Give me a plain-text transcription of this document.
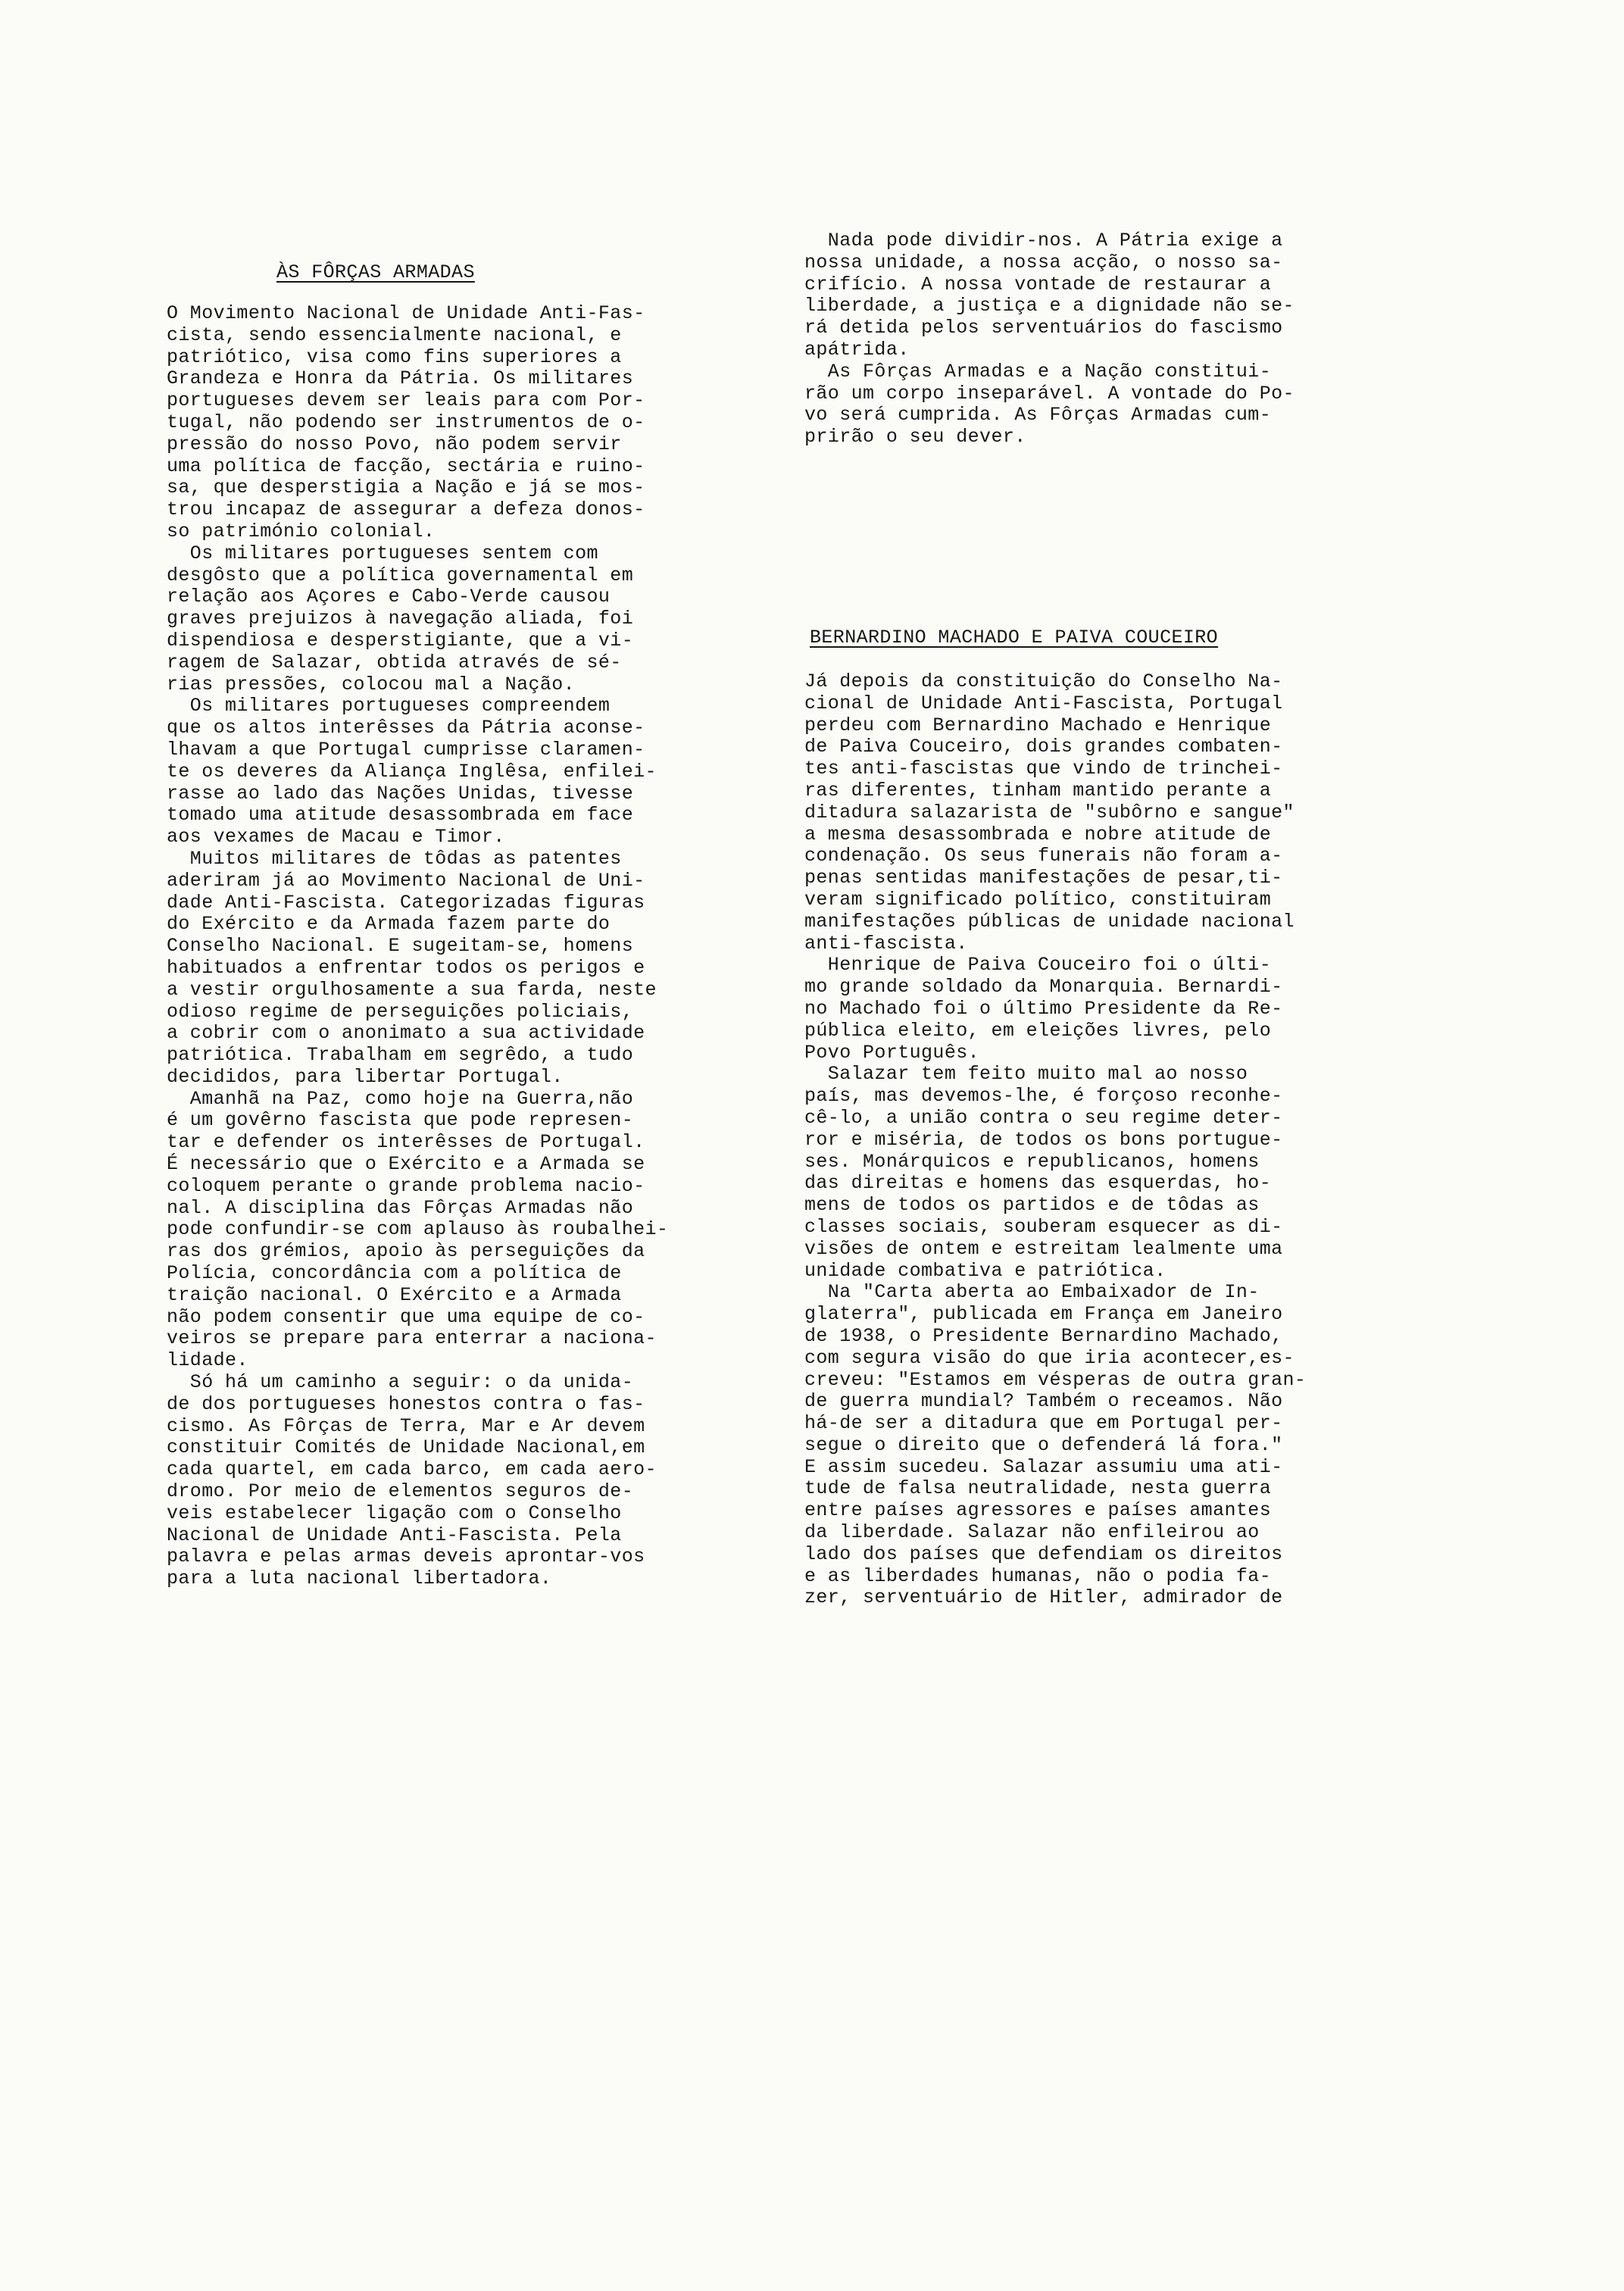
ÀS FÔRÇAS ARMADAS
O Movimento Nacional de Unidade Anti-Fas-
cista, sendo essencialmente nacional, e
patriótico, visa como fins superiores a
Grandeza e Honra da Pátria. Os militares
portugueses devem ser leais para com Por-
tugal, não podendo ser instrumentos de o-
pressão do nosso Povo, não podem servir
uma política de facção, sectária e ruino-
sa, que desperstigia a Nação e já se mos-
trou incapaz de assegurar a defeza donos-
so património colonial.
Os militares portugueses sentem com
desgôsto que a política governamental em
relação aos Açores e Cabo-Verde causou
graves prejuizos à navegação aliada, foi
dispendiosa e desperstigiante, que a vi-
ragem de Salazar, obtida através de sé-
rias pressões, colocou mal a Nação.
Os militares portugueses compreendem
que os altos interêsses da Pátria aconse-
lhavam a que Portugal cumprisse claramen-
te os deveres da Aliança Inglêsa, enfilei-
rasse ao lado das Nações Unidas, tivesse
tomado uma atitude desassombrada em face
aos vexames de Macau e Timor.
Muitos militares de tôdas as patentes
aderiram já ao Movimento Nacional de Uni-
dade Anti-Fascista. Categorizadas figuras
do Exército e da Armada fazem parte do
Conselho Nacional. E sugeitam-se, homens
habituados a enfrentar todos os perigos e
a vestir orgulhosamente a sua farda, neste
odioso regime de perseguições policiais,
a cobrir com o anonimato a sua actividade
patriótica. Trabalham em segrêdo, a tudo
decididos, para libertar Portugal.
Amanhã na Paz, como hoje na Guerra,não
é um govêrno fascista que pode represen-
tar e defender os interêsses de Portugal.
É necessário que o Exército e a Armada se
coloquem perante o grande problema nacio-
nal. A disciplina das Fôrças Armadas não
pode confundir-se com aplauso às roubalhei-
ras dos grémios, apoio às perseguições da
Polícia, concordância com a política de
traição nacional. O Exército e a Armada
não podem consentir que uma equipe de co-
veiros se prepare para enterrar a naciona-
lidade.
Só há um caminho a seguir: o da unida-
de dos portugueses honestos contra o fas-
cismo. As Fôrças de Terra, Mar e Ar devem
constituir Comités de Unidade Nacional,em
cada quartel, em cada barco, em cada aero-
dromo. Por meio de elementos seguros de-
veis estabelecer ligação com o Conselho
Nacional de Unidade Anti-Fascista. Pela
palavra e pelas armas deveis aprontar-vos
para a luta nacional libertadora.
Nada pode dividir-nos. A Pátria exige a
nossa unidade, a nossa acção, o nosso sa-
crifício. A nossa vontade de restaurar a
liberdade, a justiça e a dignidade não se-
rá detida pelos serventuários do fascismo
apátrida.
As Fôrças Armadas e a Nação constitui-
rão um corpo inseparável. A vontade do Po-
vo será cumprida. As Fôrças Armadas cum-
prirão o seu dever.
BERNARDINO MACHADO E PAIVA COUCEIRO
Já depois da constituição do Conselho Na-
cional de Unidade Anti-Fascista, Portugal
perdeu com Bernardino Machado e Henrique
de Paiva Couceiro, dois grandes combaten-
tes anti-fascistas que vindo de trinchei-
ras diferentes, tinham mantido perante a
ditadura salazarista de "subôrno e sangue"
a mesma desassombrada e nobre atitude de
condenação. Os seus funerais não foram a-
penas sentidas manifestações de pesar,ti-
veram significado político, constituiram
manifestações públicas de unidade nacional
anti-fascista.
Henrique de Paiva Couceiro foi o últi-
mo grande soldado da Monarquia. Bernardi-
no Machado foi o último Presidente da Re-
pública eleito, em eleições livres, pelo
Povo Português.
Salazar tem feito muito mal ao nosso
país, mas devemos-lhe, é forçoso reconhe-
cê-lo, a união contra o seu regime deter-
ror e miséria, de todos os bons portugue-
ses. Monárquicos e republicanos, homens
das direitas e homens das esquerdas, ho-
mens de todos os partidos e de tôdas as
classes sociais, souberam esquecer as di-
visões de ontem e estreitam lealmente uma
unidade combativa e patriótica.
Na "Carta aberta ao Embaixador de In-
glaterra", publicada em França em Janeiro
de 1938, o Presidente Bernardino Machado,
com segura visão do que iria acontecer,es-
creveu: "Estamos em vésperas de outra gran-
de guerra mundial? Também o receamos. Não
há-de ser a ditadura que em Portugal per-
segue o direito que o defenderá lá fora."
E assim sucedeu. Salazar assumiu uma ati-
tude de falsa neutralidade, nesta guerra
entre países agressores e países amantes
da liberdade. Salazar não enfileirou ao
lado dos países que defendiam os direitos
e as liberdades humanas, não o podia fa-
zer, serventuário de Hitler, admirador de
